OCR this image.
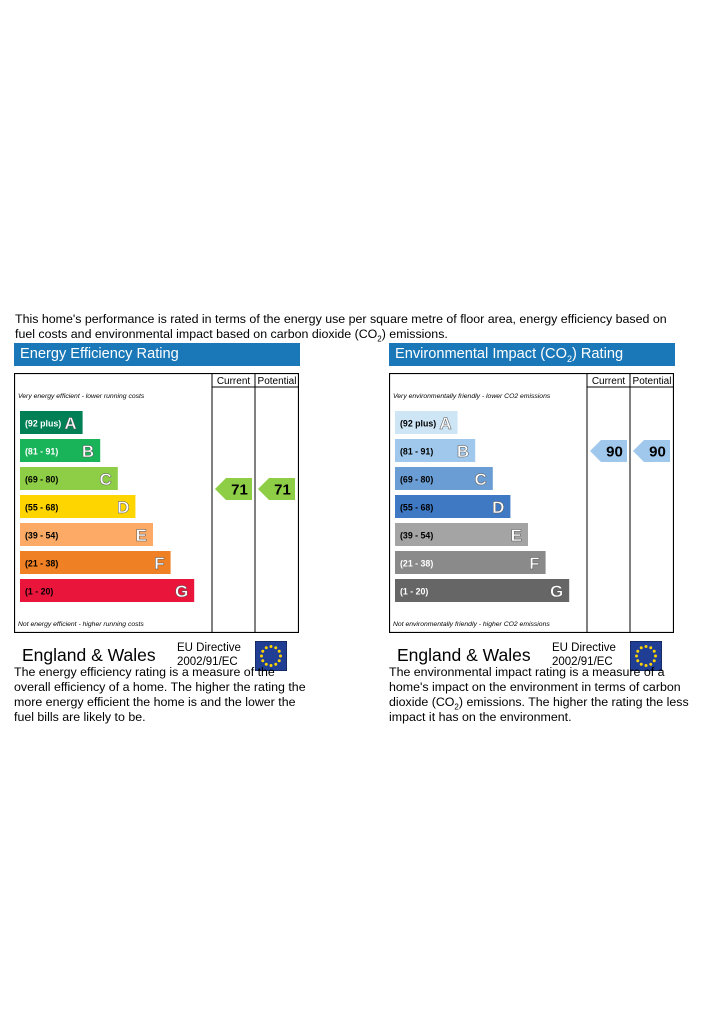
This home's performance is rated in terms of the energy use per square metre of floor area, energy efficiency based on fuel costs and environmental impact based on carbon dioxide $(CO_2)$ emissions.

Energy Efficiency Rating
Current Potential
Very energy efficient - lower running costs
Not energy efficient - higher running costs
(92 plus) A
(81 - 91) B
(69 - 80) C
(55 - 68)	D
(39 - 54)	E
(21 - 38)	F
(1 - 20)	G
71 71
England & Wales EU Directive
2002/91/EC

The energy efficiency rating is a measure of the overall efficiency of a home. The higher the rating the more energy efficient the home is and the lower the fuel bills are likely to be.

Environmental Impact $(CO_2)$ Rating
Current Potential
Very environmentally friendly - lower CO2 emissions
Not environmentally friendly - higher CO2 emissions
(92 plus) A
(81 - 91) B
(69 - 80) C
(55 - 68)	D
(39 - 54)	E
(21 - 38)	F
(1 - 20)	G
90 90
England & Wales EU Directive
2002/91/EC

The environmental impact rating is a measure of a home's impact on the environment in terms of carbon dioxide $(CO_2)$ emissions. The higher the rating the less impact it has on the environment.
